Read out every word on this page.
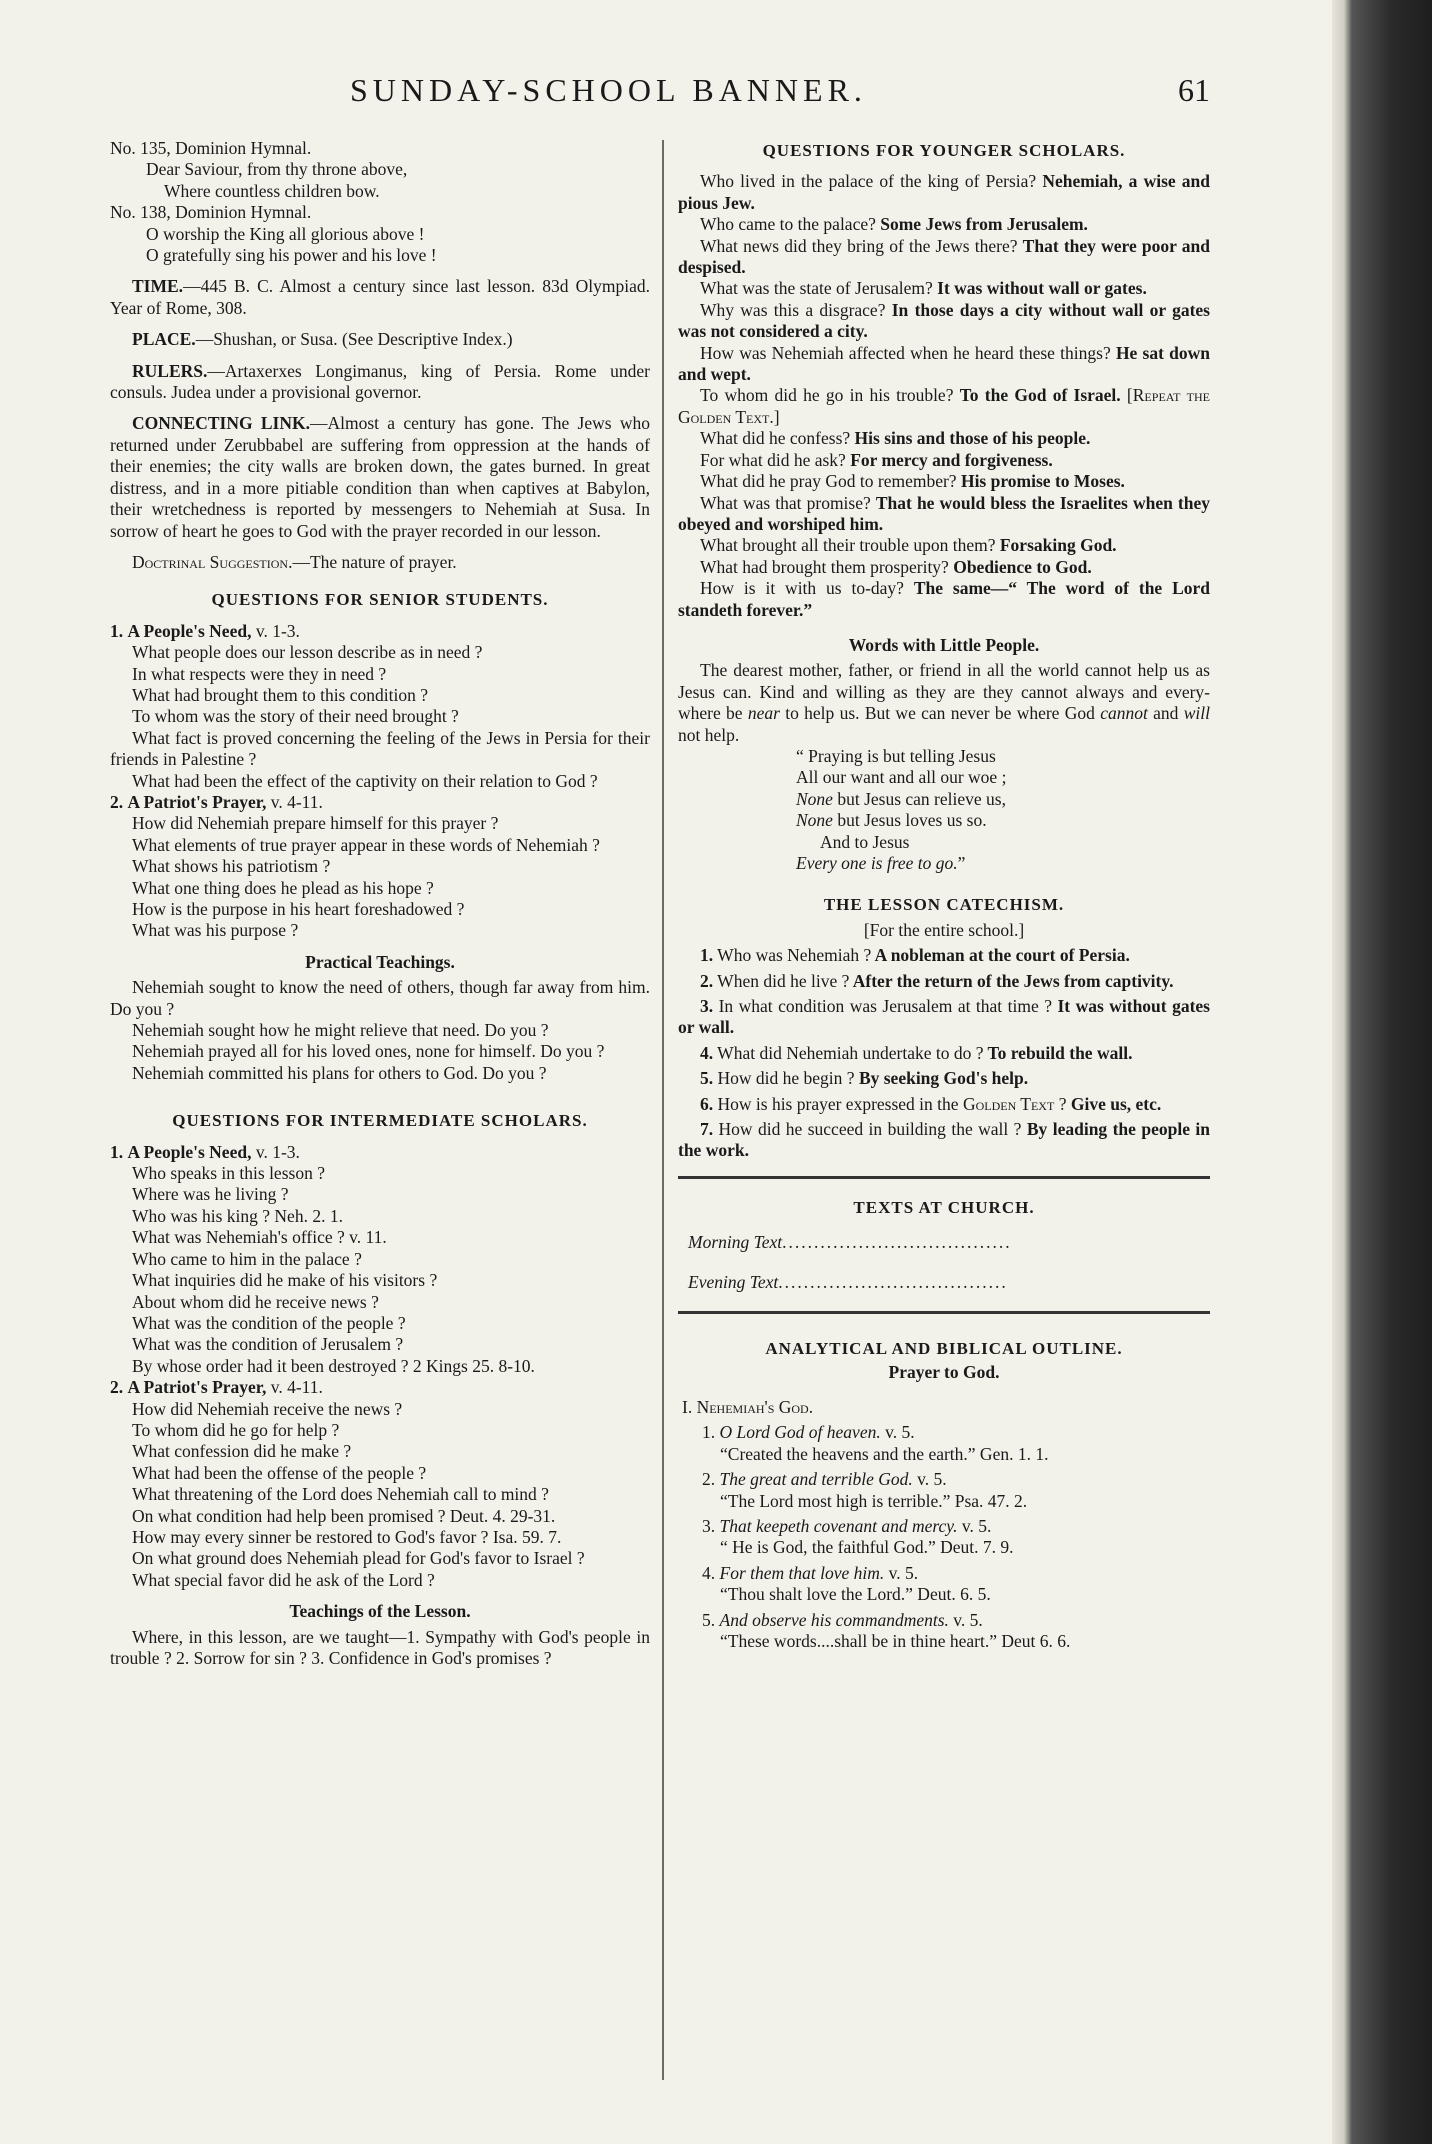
SUNDAY-SCHOOL BANNER.	61

No. 135, Dominion Hymnal.

Dear Saviour, from thy throne above,

Where countless children bow.

No. 138, Dominion Hymnal.

O worship the King all glorious above !

O gratefully sing his power and his love !

TIME.—445 B. C. Almost a century since last lesson. 83d Olympiad. Year of Rome, 308.

PLACE.—Shushan, or Susa. (See Descriptive Index.)

RULERS.—Artaxerxes Longimanus, king of Persia. Rome under consuls. Judea under a provisional governor.

CONNECTING LINK.—Almost a century has gone. The Jews who returned under Zerubbabel are suffering from oppression at the hands of their enemies; the city walls are broken down, the gates burned. In great distress, and in a more pitiable condition than when captives at Babylon, their wretchedness is reported by messengers to Nehemiah at Susa. In sorrow of heart he goes to God with the prayer recorded in our lesson.

Doctrinal Suggestion.—The nature of prayer.

QUESTIONS FOR SENIOR STUDENTS.

1. A People's Need, v. 1-3.

What people does our lesson describe as in need ?

In what respects were they in need ?

What had brought them to this condition ?

To whom was the story of their need brought ?

What fact is proved concerning the feeling of the Jews in Persia for their friends in Palestine ?

What had been the effect of the captivity on their relation to God ?

2. A Patriot's Prayer, v. 4-11.

How did Nehemiah prepare himself for this prayer ?

What elements of true prayer appear in these words of Nehemiah ?

What shows his patriotism ?

What one thing does he plead as his hope ?

How is the purpose in his heart foreshadowed ?

What was his purpose ?

Practical Teachings.

Nehemiah sought to know the need of others, though far away from him. Do you ?

Nehemiah sought how he might relieve that need. Do you ?

Nehemiah prayed all for his loved ones, none for himself. Do you ?

Nehemiah committed his plans for others to God. Do you ?

QUESTIONS FOR INTERMEDIATE SCHOLARS.

1. A People's Need, v. 1-3.

Who speaks in this lesson ?

Where was he living ?

Who was his king ? Neh. 2. 1.

What was Nehemiah's office ? v. 11.

Who came to him in the palace ?

What inquiries did he make of his visitors ?

About whom did he receive news ?

What was the condition of the people ?

What was the condition of Jerusalem ?

By whose order had it been destroyed ? 2 Kings 25. 8-10.

2. A Patriot's Prayer, v. 4-11.

How did Nehemiah receive the news ?

To whom did he go for help ?

What confession did he make ?

What had been the offense of the people ?

What threatening of the Lord does Nehemiah call to mind ?

On what condition had help been promised ? Deut. 4. 29-31.

How may every sinner be restored to God's favor ? Isa. 59. 7.

On what ground does Nehemiah plead for God's favor to Israel ?

What special favor did he ask of the Lord ?

Teachings of the Lesson.

Where, in this lesson, are we taught—1. Sympathy with God's people in trouble ? 2. Sorrow for sin ? 3. Confidence in God's promises ?

QUESTIONS FOR YOUNGER SCHOLARS.

Who lived in the palace of the king of Persia? Nehemiah, a wise and pious Jew.

Who came to the palace? Some Jews from Jerusalem.

What news did they bring of the Jews there? That they were poor and despised.

What was the state of Jerusalem? It was without wall or gates.

Why was this a disgrace? In those days a city without wall or gates was not considered a city.

How was Nehemiah affected when he heard these things? He sat down and wept.

To whom did he go in his trouble? To the God of Israel. [Repeat the Golden Text.]

What did he confess? His sins and those of his people.

For what did he ask? For mercy and forgiveness.

What did he pray God to remember? His promise to Moses.

What was that promise? That he would bless the Israelites when they obeyed and worshiped him.

What brought all their trouble upon them? Forsaking God.

What had brought them prosperity? Obedience to God.

How is it with us to-day? The same—“ The word of the Lord standeth forever.”

Words with Little People.

The dearest mother, father, or friend in all the world cannot help us as Jesus can. Kind and willing as they are they cannot always and every-where be near to help us. But we can never be where God cannot and will not help.

“ Praying is but telling Jesus

All our want and all our woe ;

None but Jesus can relieve us,

None but Jesus loves us so.

And to Jesus

Every one is free to go.”

THE LESSON CATECHISM.

[For the entire school.]

1. Who was Nehemiah ? A nobleman at the court of Persia.

2. When did he live ? After the return of the Jews from captivity.

3. In what condition was Jerusalem at that time ? It was without gates or wall.

4. What did Nehemiah undertake to do ? To rebuild the wall.

5. How did he begin ? By seeking God's help.

6. How is his prayer expressed in the Golden Text ? Give us, etc.

7. How did he succeed in building the wall ? By leading the people in the work.

TEXTS AT CHURCH.

Morning Text....................................

Evening Text....................................

ANALYTICAL AND BIBLICAL OUTLINE.
Prayer to God.

I. Nehemiah's God.

1. O Lord God of heaven. v. 5.

“Created the heavens and the earth.” Gen. 1. 1.

2. The great and terrible God. v. 5.

“The Lord most high is terrible.” Psa. 47. 2.

3. That keepeth covenant and mercy. v. 5.

“ He is God, the faithful God.” Deut. 7. 9.

4. For them that love him. v. 5.

“Thou shalt love the Lord.” Deut. 6. 5.

5. And observe his commandments. v. 5.

“These words....shall be in thine heart.” Deut 6. 6.
